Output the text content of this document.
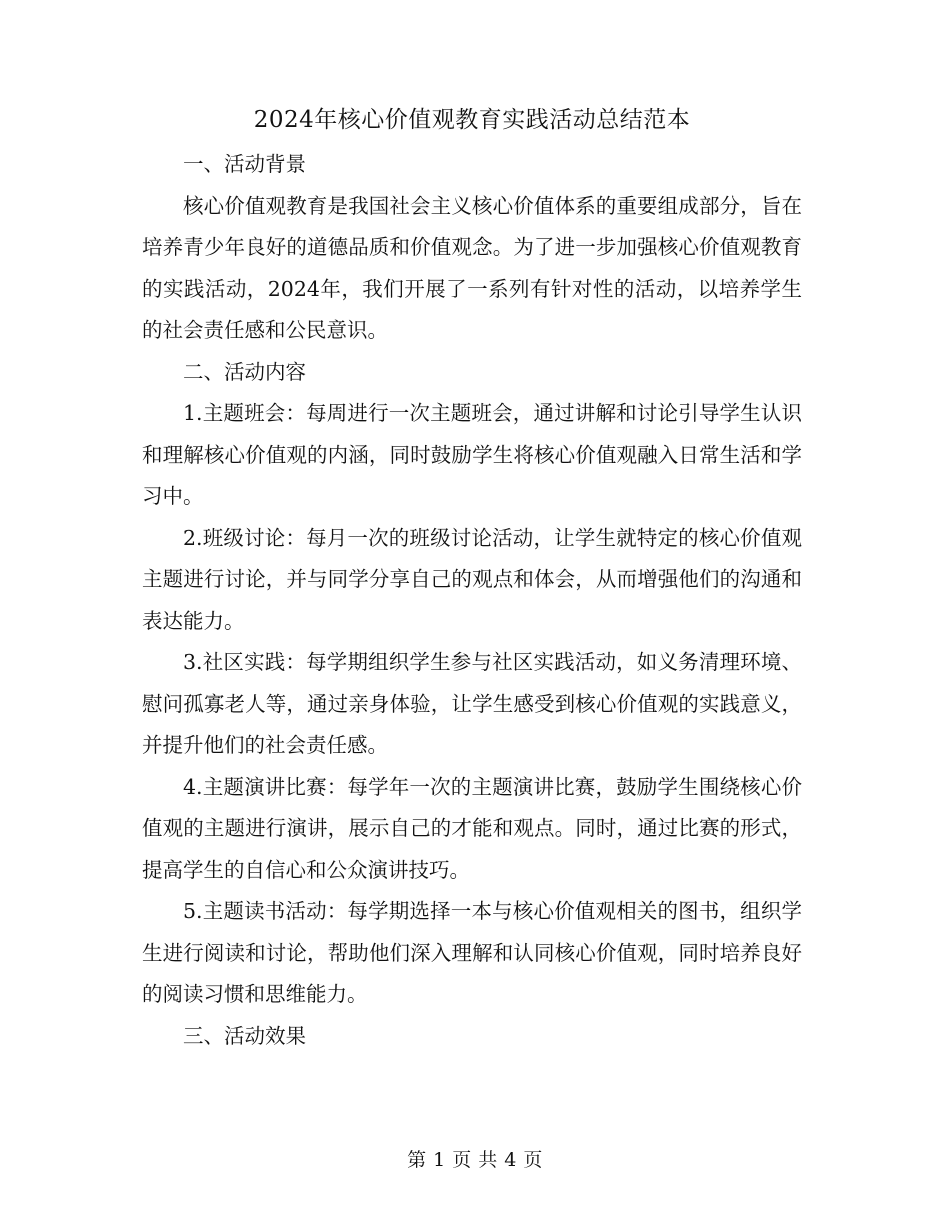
2024年核心价值观教育实践活动总结范本

一、活动背景

核心价值观教育是我国社会主义核心价值体系的重要组成部分，旨在培养青少年良好的道德品质和价值观念。为了进一步加强核心价值观教育的实践活动，2024年，我们开展了一系列有针对性的活动，以培养学生的社会责任感和公民意识。

二、活动内容

1.主题班会：每周进行一次主题班会，通过讲解和讨论引导学生认识和理解核心价值观的内涵，同时鼓励学生将核心价值观融入日常生活和学习中。

2.班级讨论：每月一次的班级讨论活动，让学生就特定的核心价值观主题进行讨论，并与同学分享自己的观点和体会，从而增强他们的沟通和表达能力。

3.社区实践：每学期组织学生参与社区实践活动，如义务清理环境、慰问孤寡老人等，通过亲身体验，让学生感受到核心价值观的实践意义，并提升他们的社会责任感。

4.主题演讲比赛：每学年一次的主题演讲比赛，鼓励学生围绕核心价值观的主题进行演讲，展示自己的才能和观点。同时，通过比赛的形式，提高学生的自信心和公众演讲技巧。

5.主题读书活动：每学期选择一本与核心价值观相关的图书，组织学生进行阅读和讨论，帮助他们深入理解和认同核心价值观，同时培养良好的阅读习惯和思维能力。

三、活动效果

第 1 页 共 4 页
